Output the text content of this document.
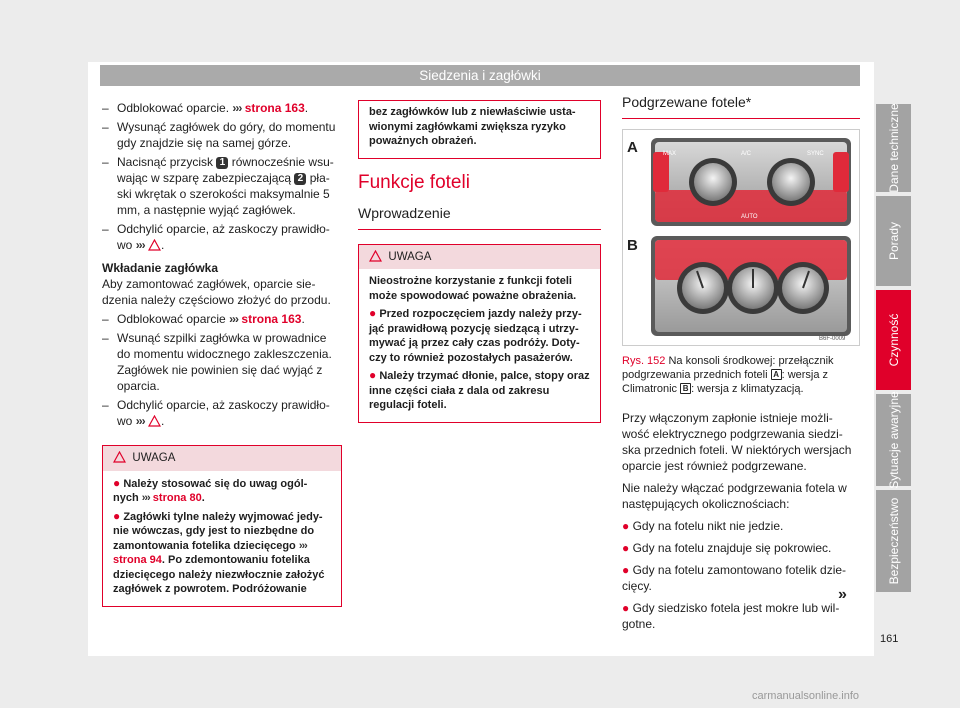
Siedzenia i zagłówki
– Odblokować oparcie. ››› strona 163.
– Wysunąć zagłówek do góry, do momentu gdy znajdzie się na samej górze.
– Nacisnąć przycisk 1 równocześnie wsu-wając w szparę zabezpieczającą 2 pła-ski wkrętak o szerokości maksymalnie 5 mm, a następnie wyjąć zagłówek.
– Odchylić oparcie, aż zaskoczy prawidło-wo ››› .

Wkładanie zagłówka

Aby zamontować zagłówek, oparcie sie-dzenia należy częściowo złożyć do przodu.

– Odblokować oparcie ››› strona 163.
– Wsunąć szpilki zagłówka w prowadnice do momentu widocznego zakleszczenia. Zagłówek nie powinien się dać wyjąć z oparcia.
– Odchylić oparcie, aż zaskoczy prawidło-wo ››› .
UWAGA

● Należy stosować się do uwag ogól-nych ››› strona 80.

● Zagłówki tylne należy wyjmować jedy-nie wówczas, gdy jest to niezbędne do zamontowania fotelika dziecięcego ››› strona 94. Po zdemontowaniu fotelika dziecięcego należy niezwłocznie założyć zagłówek z powrotem. Podróżowanie

bez zagłówków lub z niewłaściwie usta-wionymi zagłówkami zwiększa ryzyko poważnych obrażeń.

Funkcje foteli
Wprowadzenie
UWAGA

Nieostrożne korzystanie z funkcji foteli może spowodować poważne obrażenia.

● Przed rozpoczęciem jazdy należy przy-jąć prawidłową pozycję siedzącą i utrzy-mywać ją przez cały czas podróży. Doty-czy to również pozostałych pasażerów.

● Należy trzymać dłonie, palce, stopy oraz inne części ciała z dala od zakresu regulacji foteli.

Podgrzewane fotele*
MAX	A/C	SYNC
AUTO
A
B
B6F-0009
Rys. 152 Na konsoli środkowej: przełącznik podgrzewania przednich foteli A : wersja z Climatronic B : wersja z klimatyzacją.

Przy włączonym zapłonie istnieje możli-wość elektrycznego podgrzewania siedzi-ska przednich foteli. W niektórych wersjach oparcie jest również podgrzewane.

Nie należy włączać podgrzewania fotela w następujących okolicznościach:

● Gdy na fotelu nikt nie jedzie.

● Gdy na fotelu znajduje się pokrowiec.

● Gdy na fotelu zamontowano fotelik dzie-cięcy.

● Gdy siedzisko fotela jest mokre lub wil-gotne.

»
Dane techniczne
Porady
Czynność
Sytuacje awaryjne
Bezpieczeństwo
161
carmanualsonline.info
